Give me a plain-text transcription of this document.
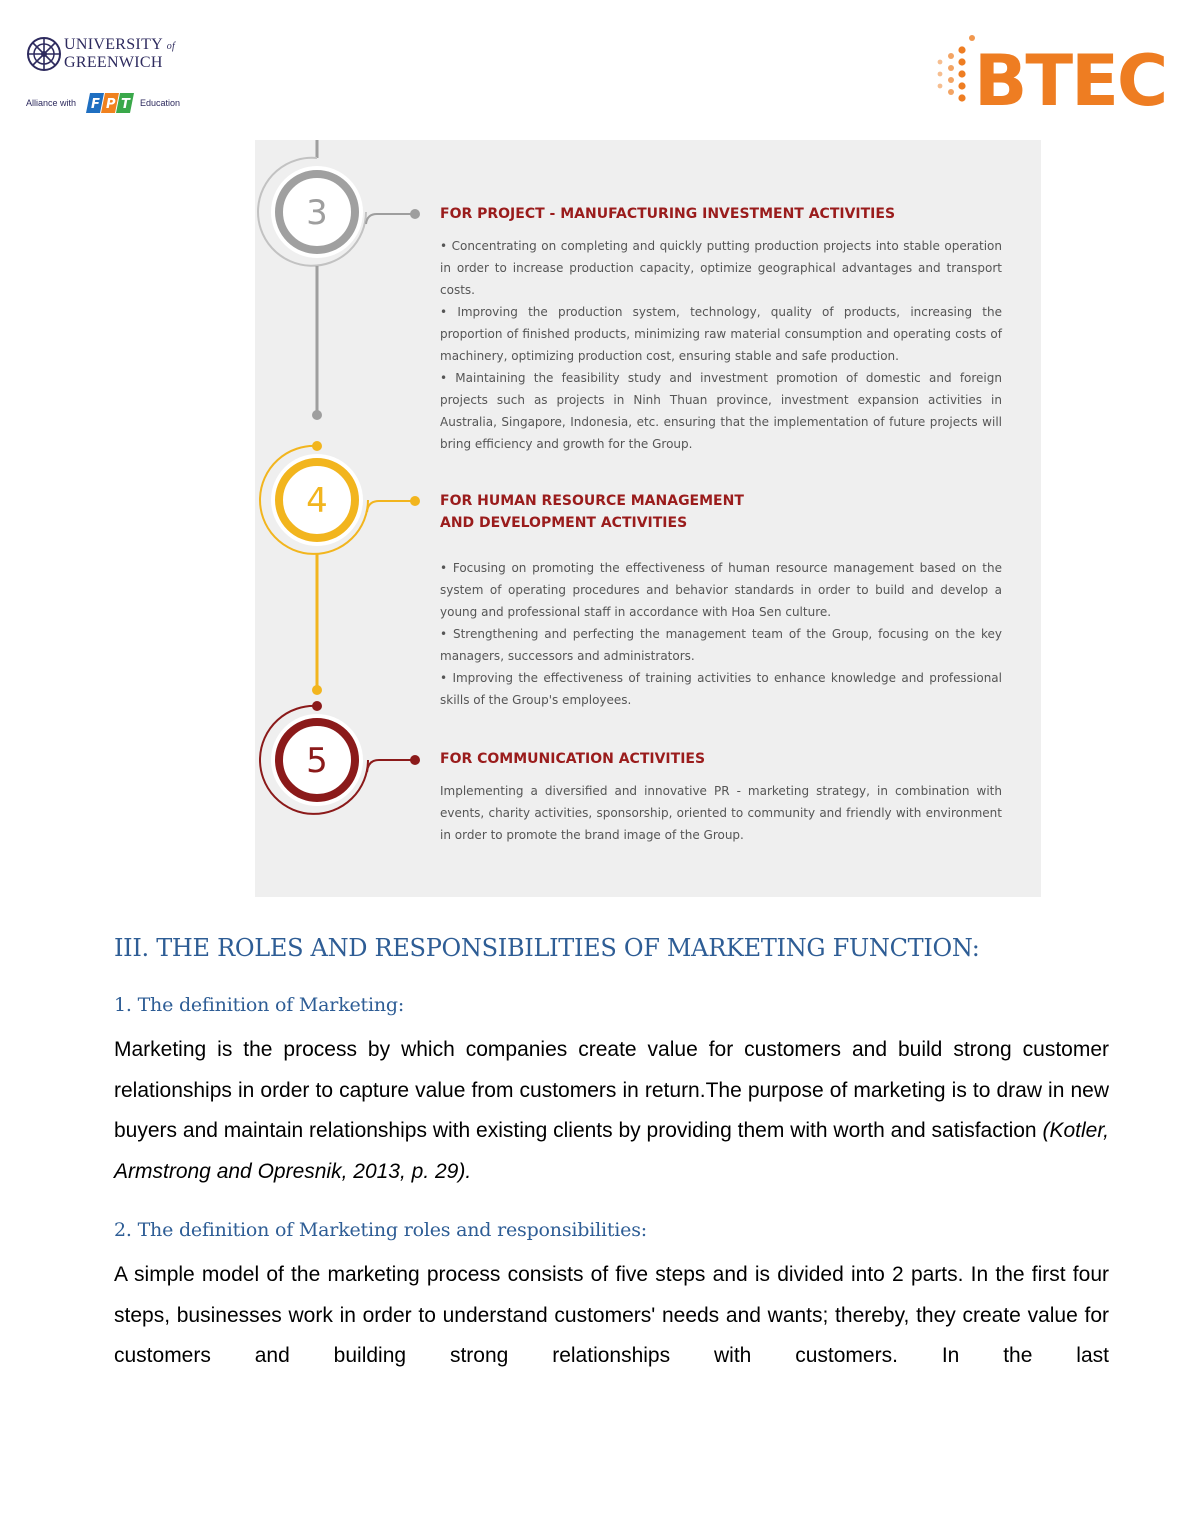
UNIVERSITY of
GREENWICH
Alliance with F P T Education	BTEC
3
4
5
FOR PROJECT - MANUFACTURING INVESTMENT ACTIVITIES

• Concentrating on completing and quickly putting production projects into stable operation in order to increase production capacity, optimize geographical advantages and transport costs.

• Improving the production system, technology, quality of products, increasing the proportion of finished products, minimizing raw material consumption and operating costs of machinery, optimizing production cost, ensuring stable and safe production.

• Maintaining the feasibility study and investment promotion of domestic and foreign projects such as projects in Ninh Thuan province, investment expansion activities in Australia, Singapore, Indonesia, etc. ensuring that the implementation of future projects will bring efficiency and growth for the Group.

FOR HUMAN RESOURCE MANAGEMENT
AND DEVELOPMENT ACTIVITIES

• Focusing on promoting the effectiveness of human resource management based on the system of operating procedures and behavior standards in order to build and develop a young and professional staff in accordance with Hoa Sen culture.

• Strengthening and perfecting the management team of the Group, focusing on the key managers, successors and administrators.

• Improving the effectiveness of training activities to enhance knowledge and professional skills of the Group's employees.

FOR COMMUNICATION ACTIVITIES

Implementing a diversified and innovative PR - marketing strategy, in combination with events, charity activities, sponsorship, oriented to community and friendly with environment in order to promote the brand image of the Group.

III. THE ROLES AND RESPONSIBILITIES OF MARKETING FUNCTION:
1. The definition of Marketing:
Marketing is the process by which companies create value for customers and build strong customer relationships in order to capture value from customers in return.The purpose of marketing is to draw in new buyers and maintain relationships with existing clients by providing them with worth and satisfaction (Kotler, Armstrong and Opresnik, 2013, p. 29).
2. The definition of Marketing roles and responsibilities:
A simple model of the marketing process consists of five steps and is divided into 2 parts. In the first four steps, businesses work in order to understand customers' needs and wants; thereby, they create value for customers and building strong relationships with customers. In the last
